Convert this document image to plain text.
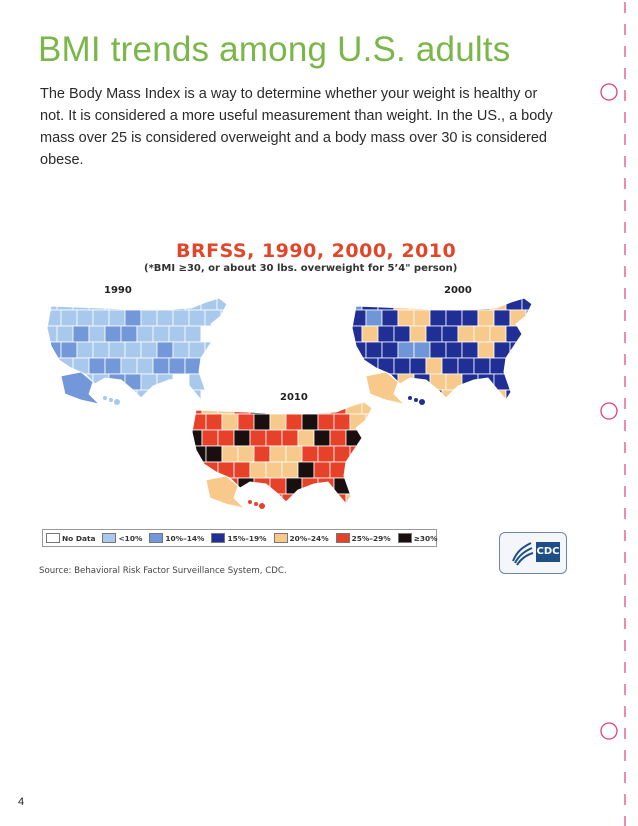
BMI trends among U.S. adults
The Body Mass Index is a way to determine whether your weight is healthy or not. It is considered a more useful measurement than weight. In the US., a body mass over 25 is considered overweight and a body mass over 30 is considered obese.
BRFSS, 1990, 2000, 2010
(*BMI ≥30, or about 30 lbs. overweight for 5’4" person)
1990	2000
2010
No Data	<10%	10%–14%	15%–19%	20%–24%	25%–29%	≥30%
Source: Behavioral Risk Factor Surveillance System, CDC.
CDC
4
